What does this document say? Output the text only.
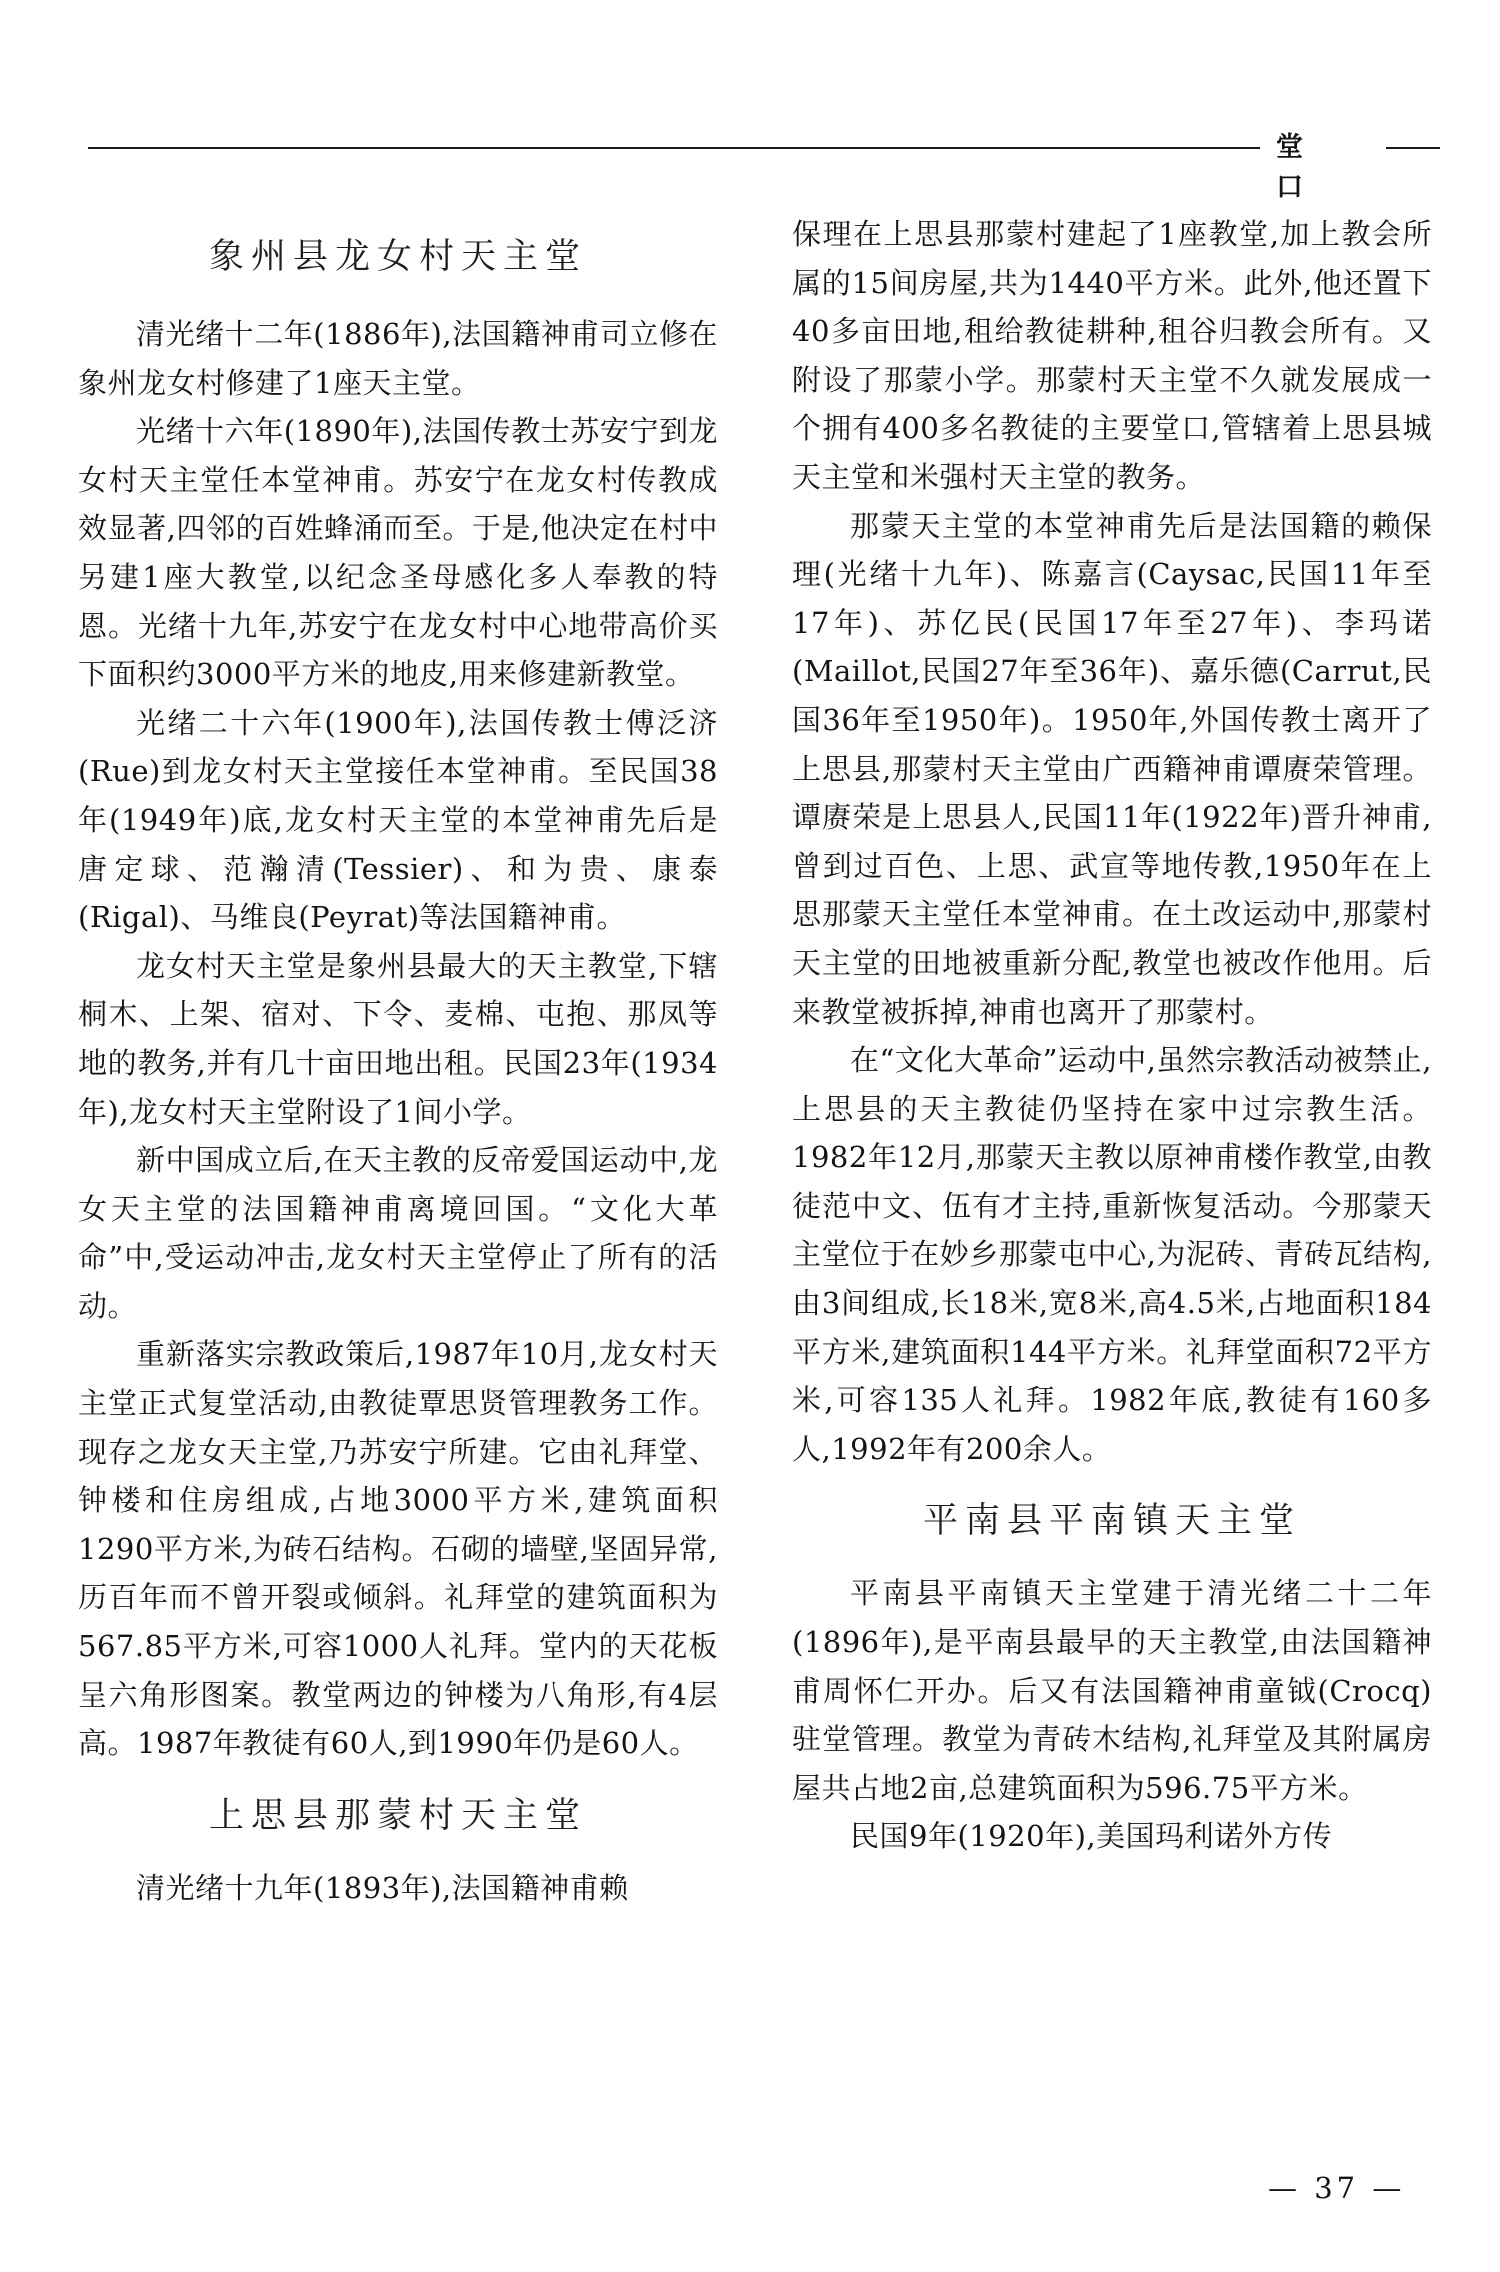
堂 口
象州县龙女村天主堂

清光绪十二年(1886年),法国籍神甫司立修在象州龙女村修建了1座天主堂。

光绪十六年(1890年),法国传教士苏安宁到龙女村天主堂任本堂神甫。苏安宁在龙女村传教成效显著,四邻的百姓蜂涌而至。于是,他决定在村中另建1座大教堂,以纪念圣母感化多人奉教的特恩。光绪十九年,苏安宁在龙女村中心地带高价买下面积约3000平方米的地皮,用来修建新教堂。

光绪二十六年(1900年),法国传教士傅泛济(Rue)到龙女村天主堂接任本堂神甫。至民国38年(1949年)底,龙女村天主堂的本堂神甫先后是唐定球、范瀚清(Tessier)、和为贵、康泰(Rigal)、马维良(Peyrat)等法国籍神甫。

龙女村天主堂是象州县最大的天主教堂,下辖桐木、上架、宿对、下令、麦棉、屯抱、那凤等地的教务,并有几十亩田地出租。民国23年(1934年),龙女村天主堂附设了1间小学。

新中国成立后,在天主教的反帝爱国运动中,龙女天主堂的法国籍神甫离境回国。“文化大革命”中,受运动冲击,龙女村天主堂停止了所有的活动。

重新落实宗教政策后,1987年10月,龙女村天主堂正式复堂活动,由教徒覃思贤管理教务工作。现存之龙女天主堂,乃苏安宁所建。它由礼拜堂、钟楼和住房组成,占地3000平方米,建筑面积1290平方米,为砖石结构。石砌的墙壁,坚固异常,历百年而不曾开裂或倾斜。礼拜堂的建筑面积为567.85平方米,可容1000人礼拜。堂内的天花板呈六角形图案。教堂两边的钟楼为八角形,有4层高。1987年教徒有60人,到1990年仍是60人。

上思县那蒙村天主堂

清光绪十九年(1893年),法国籍神甫赖

保理在上思县那蒙村建起了1座教堂,加上教会所属的15间房屋,共为1440平方米。此外,他还置下40多亩田地,租给教徒耕种,租谷归教会所有。又附设了那蒙小学。那蒙村天主堂不久就发展成一个拥有400多名教徒的主要堂口,管辖着上思县城天主堂和米强村天主堂的教务。

那蒙天主堂的本堂神甫先后是法国籍的赖保理(光绪十九年)、陈嘉言(Caysac,民国11年至17年)、苏亿民(民国17年至27年)、李玛诺(Maillot,民国27年至36年)、嘉乐德(Carrut,民国36年至1950年)。1950年,外国传教士离开了上思县,那蒙村天主堂由广西籍神甫谭赓荣管理。谭赓荣是上思县人,民国11年(1922年)晋升神甫,曾到过百色、上思、武宣等地传教,1950年在上思那蒙天主堂任本堂神甫。在土改运动中,那蒙村天主堂的田地被重新分配,教堂也被改作他用。后来教堂被拆掉,神甫也离开了那蒙村。

在“文化大革命”运动中,虽然宗教活动被禁止,上思县的天主教徒仍坚持在家中过宗教生活。1982年12月,那蒙天主教以原神甫楼作教堂,由教徒范中文、伍有才主持,重新恢复活动。今那蒙天主堂位于在妙乡那蒙屯中心,为泥砖、青砖瓦结构,由3间组成,长18米,宽8米,高4.5米,占地面积184平方米,建筑面积144平方米。礼拜堂面积72平方米,可容135人礼拜。1982年底,教徒有160多人,1992年有200余人。

平南县平南镇天主堂

平南县平南镇天主堂建于清光绪二十二年(1896年),是平南县最早的天主教堂,由法国籍神甫周怀仁开办。后又有法国籍神甫童钺(Crocq)驻堂管理。教堂为青砖木结构,礼拜堂及其附属房屋共占地2亩,总建筑面积为596.75平方米。

民国9年(1920年),美国玛利诺外方传

— 37 —
